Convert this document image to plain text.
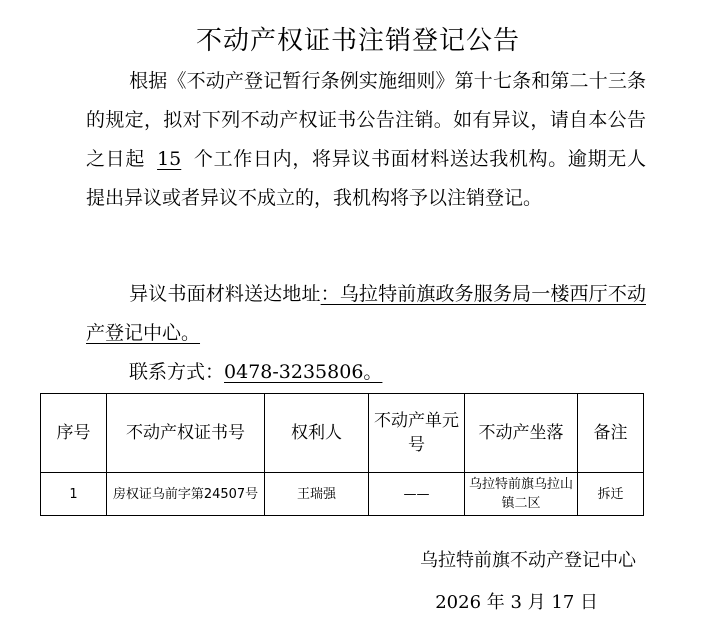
不动产权证书注销登记公告
根据《不动产登记暂行条例实施细则》第十七条和第二十三条的规定，拟对下列不动产权证书公告注销。如有异议，请自本公告之日起 15 个工作日内，将异议书面材料送达我机构。逾期无人提出异议或者异议不成立的，我机构将予以注销登记。
异议书面材料送达地址：乌拉特前旗政务服务局一楼西厅不动产登记中心。
联系方式：0478-3235806。
序号	不动产权证书号	权利人	不动产单元号	不动产坐落	备注
1	房权证乌前字第24507号	王瑞强	——	乌拉特前旗乌拉山镇二区	拆迁
乌拉特前旗不动产登记中心
2026 年 3 月 17 日
